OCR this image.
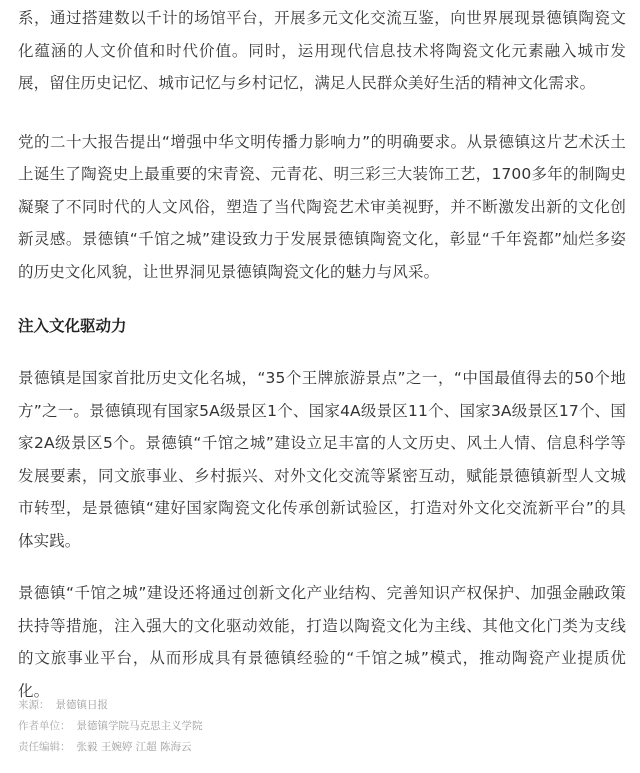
系，通过搭建数以千计的场馆平台，开展多元文化交流互鉴，向世界展现景德镇陶瓷文化蕴涵的人文价值和时代价值。同时，运用现代信息技术将陶瓷文化元素融入城市发展，留住历史记忆、城市记忆与乡村记忆，满足人民群众美好生活的精神文化需求。

党的二十大报告提出“增强中华文明传播力影响力”的明确要求。从景德镇这片艺术沃土上诞生了陶瓷史上最重要的宋青瓷、元青花、明三彩三大装饰工艺，1700多年的制陶史凝聚了不同时代的人文风俗，塑造了当代陶瓷艺术审美视野，并不断激发出新的文化创新灵感。景德镇“千馆之城”建设致力于发展景德镇陶瓷文化，彰显“千年瓷都”灿烂多姿的历史文化风貌，让世界洞见景德镇陶瓷文化的魅力与风采。

注入文化驱动力

景德镇是国家首批历史文化名城，“35个王牌旅游景点”之一，“中国最值得去的50个地方”之一。景德镇现有国家5A级景区1个、国家4A级景区11个、国家3A级景区17个、国家2A级景区5个。景德镇“千馆之城”建设立足丰富的人文历史、风土人情、信息科学等发展要素，同文旅事业、乡村振兴、对外文化交流等紧密互动，赋能景德镇新型人文城市转型，是景德镇“建好国家陶瓷文化传承创新试验区，打造对外文化交流新平台”的具体实践。

景德镇“千馆之城”建设还将通过创新文化产业结构、完善知识产权保护、加强金融政策扶持等措施，注入强大的文化驱动效能，打造以陶瓷文化为主线、其他文化门类为支线的文旅事业平台，从而形成具有景德镇经验的“千馆之城”模式，推动陶瓷产业提质优化。

来源： 景德镇日报
作者单位： 景德镇学院马克思主义学院
责任编辑： 张毅 王婉婷 江超 陈海云
